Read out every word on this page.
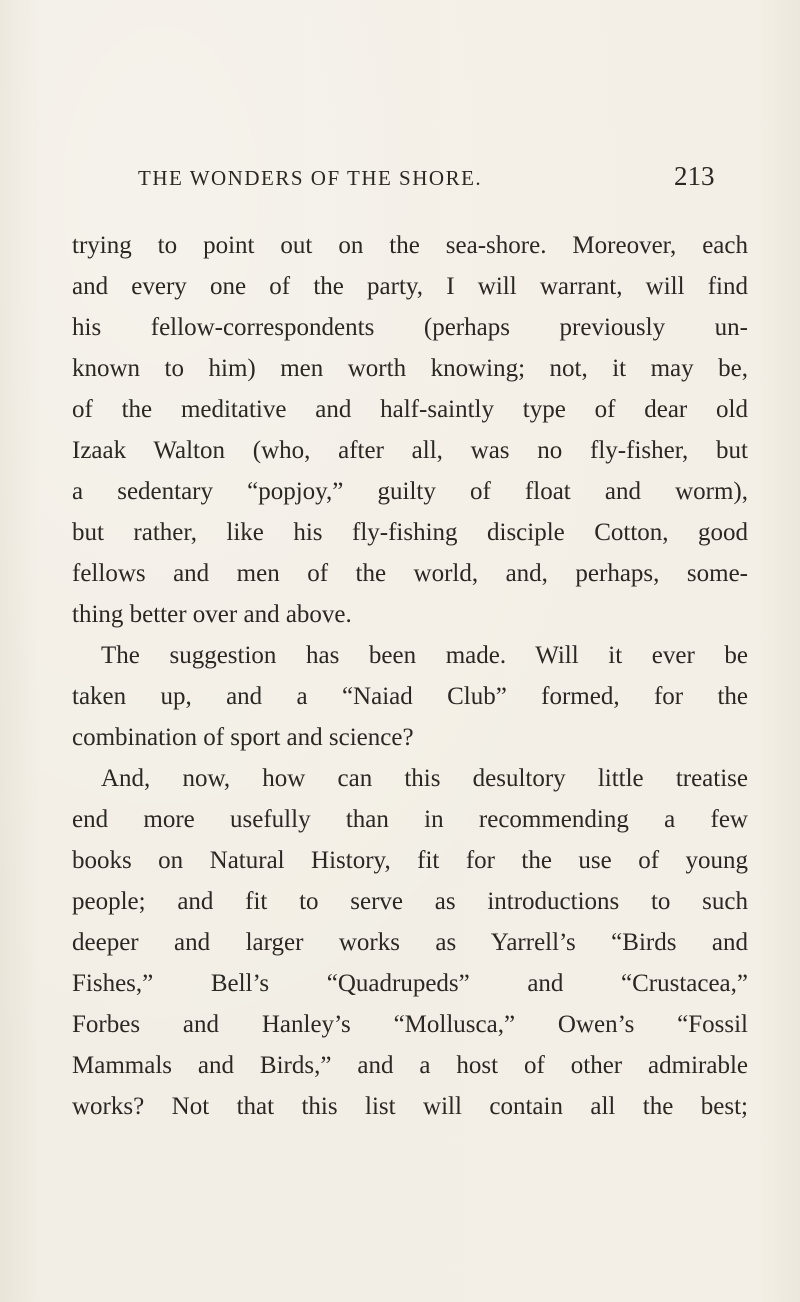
THE WONDERS OF THE SHORE.	213
trying to point out on the sea-shore. Moreover, each
and every one of the party, I will warrant, will find
his fellow-correspondents (perhaps previously un-
known to him) men worth knowing; not, it may be,
of the meditative and half-saintly type of dear old
Izaak Walton (who, after all, was no fly-fisher, but
a sedentary “popjoy,” guilty of float and worm),
but rather, like his fly-fishing disciple Cotton, good
fellows and men of the world, and, perhaps, some-
thing better over and above.
The suggestion has been made. Will it ever be
taken up, and a “Naiad Club” formed, for the
combination of sport and science?
And, now, how can this desultory little treatise
end more usefully than in recommending a few
books on Natural History, fit for the use of young
people; and fit to serve as introductions to such
deeper and larger works as Yarrell’s “Birds and
Fishes,” Bell’s “Quadrupeds” and “Crustacea,”
Forbes and Hanley’s “Mollusca,” Owen’s “Fossil
Mammals and Birds,” and a host of other admirable
works? Not that this list will contain all the best;
